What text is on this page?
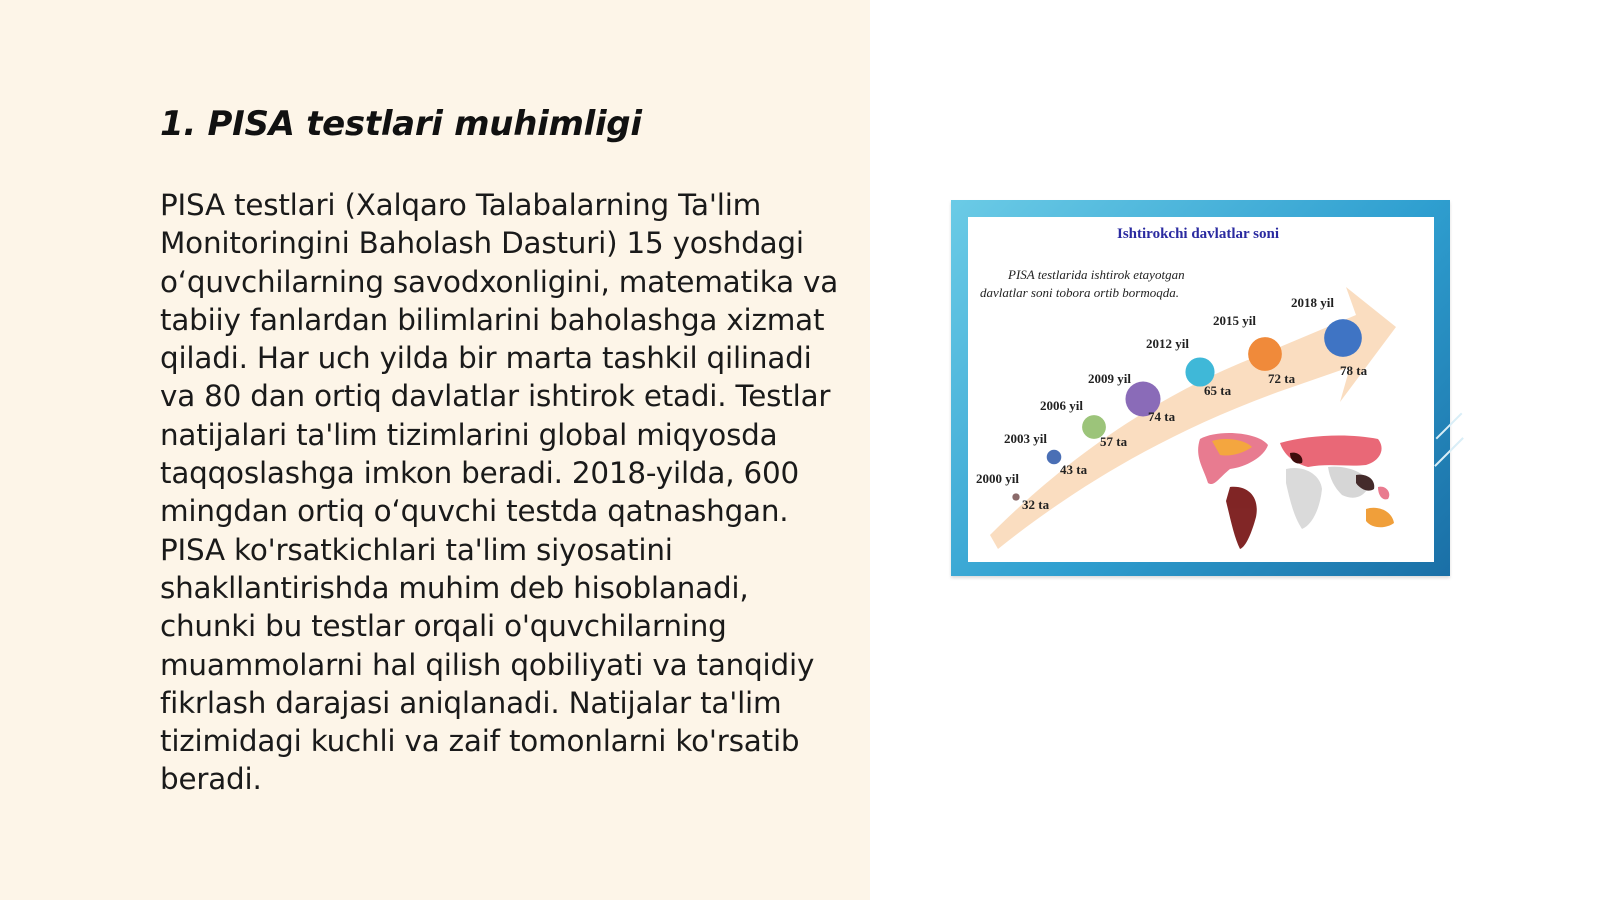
1. PISA testlari muhimligi

PISA testlari (Xalqaro Talabalarning Ta'lim Monitoringini Baholash Dasturi) 15 yoshdagi o‘quvchilarning savodxonligini, matematika va tabiiy fanlardan bilimlarini baholashga xizmat qiladi. Har uch yilda bir marta tashkil qilinadi va 80 dan ortiq davlatlar ishtirok etadi. Testlar natijalari ta'lim tizimlarini global miqyosda taqqoslashga imkon beradi. 2018-yilda, 600 mingdan ortiq o‘quvchi testda qatnashgan. PISA ko'rsatkichlari ta'lim siyosatini shakllantirishda muhim deb hisoblanadi, chunki bu testlar orqali o'quvchilarning muammolarni hal qilish qobiliyati va tanqidiy fikrlash darajasi aniqlanadi. Natijalar ta'lim tizimidagi kuchli va zaif tomonlarni ko'rsatib beradi.

2000 yil
32 ta
2003 yil
43 ta
2006 yil
57 ta
2009 yil
74 ta
2012 yil
65 ta
2015 yil
72 ta
2018 yil
78 ta
Ishtirokchi davlatlar soni
PISA testlarida ishtirok etayotgan
davlatlar soni tobora ortib bormoqda.
